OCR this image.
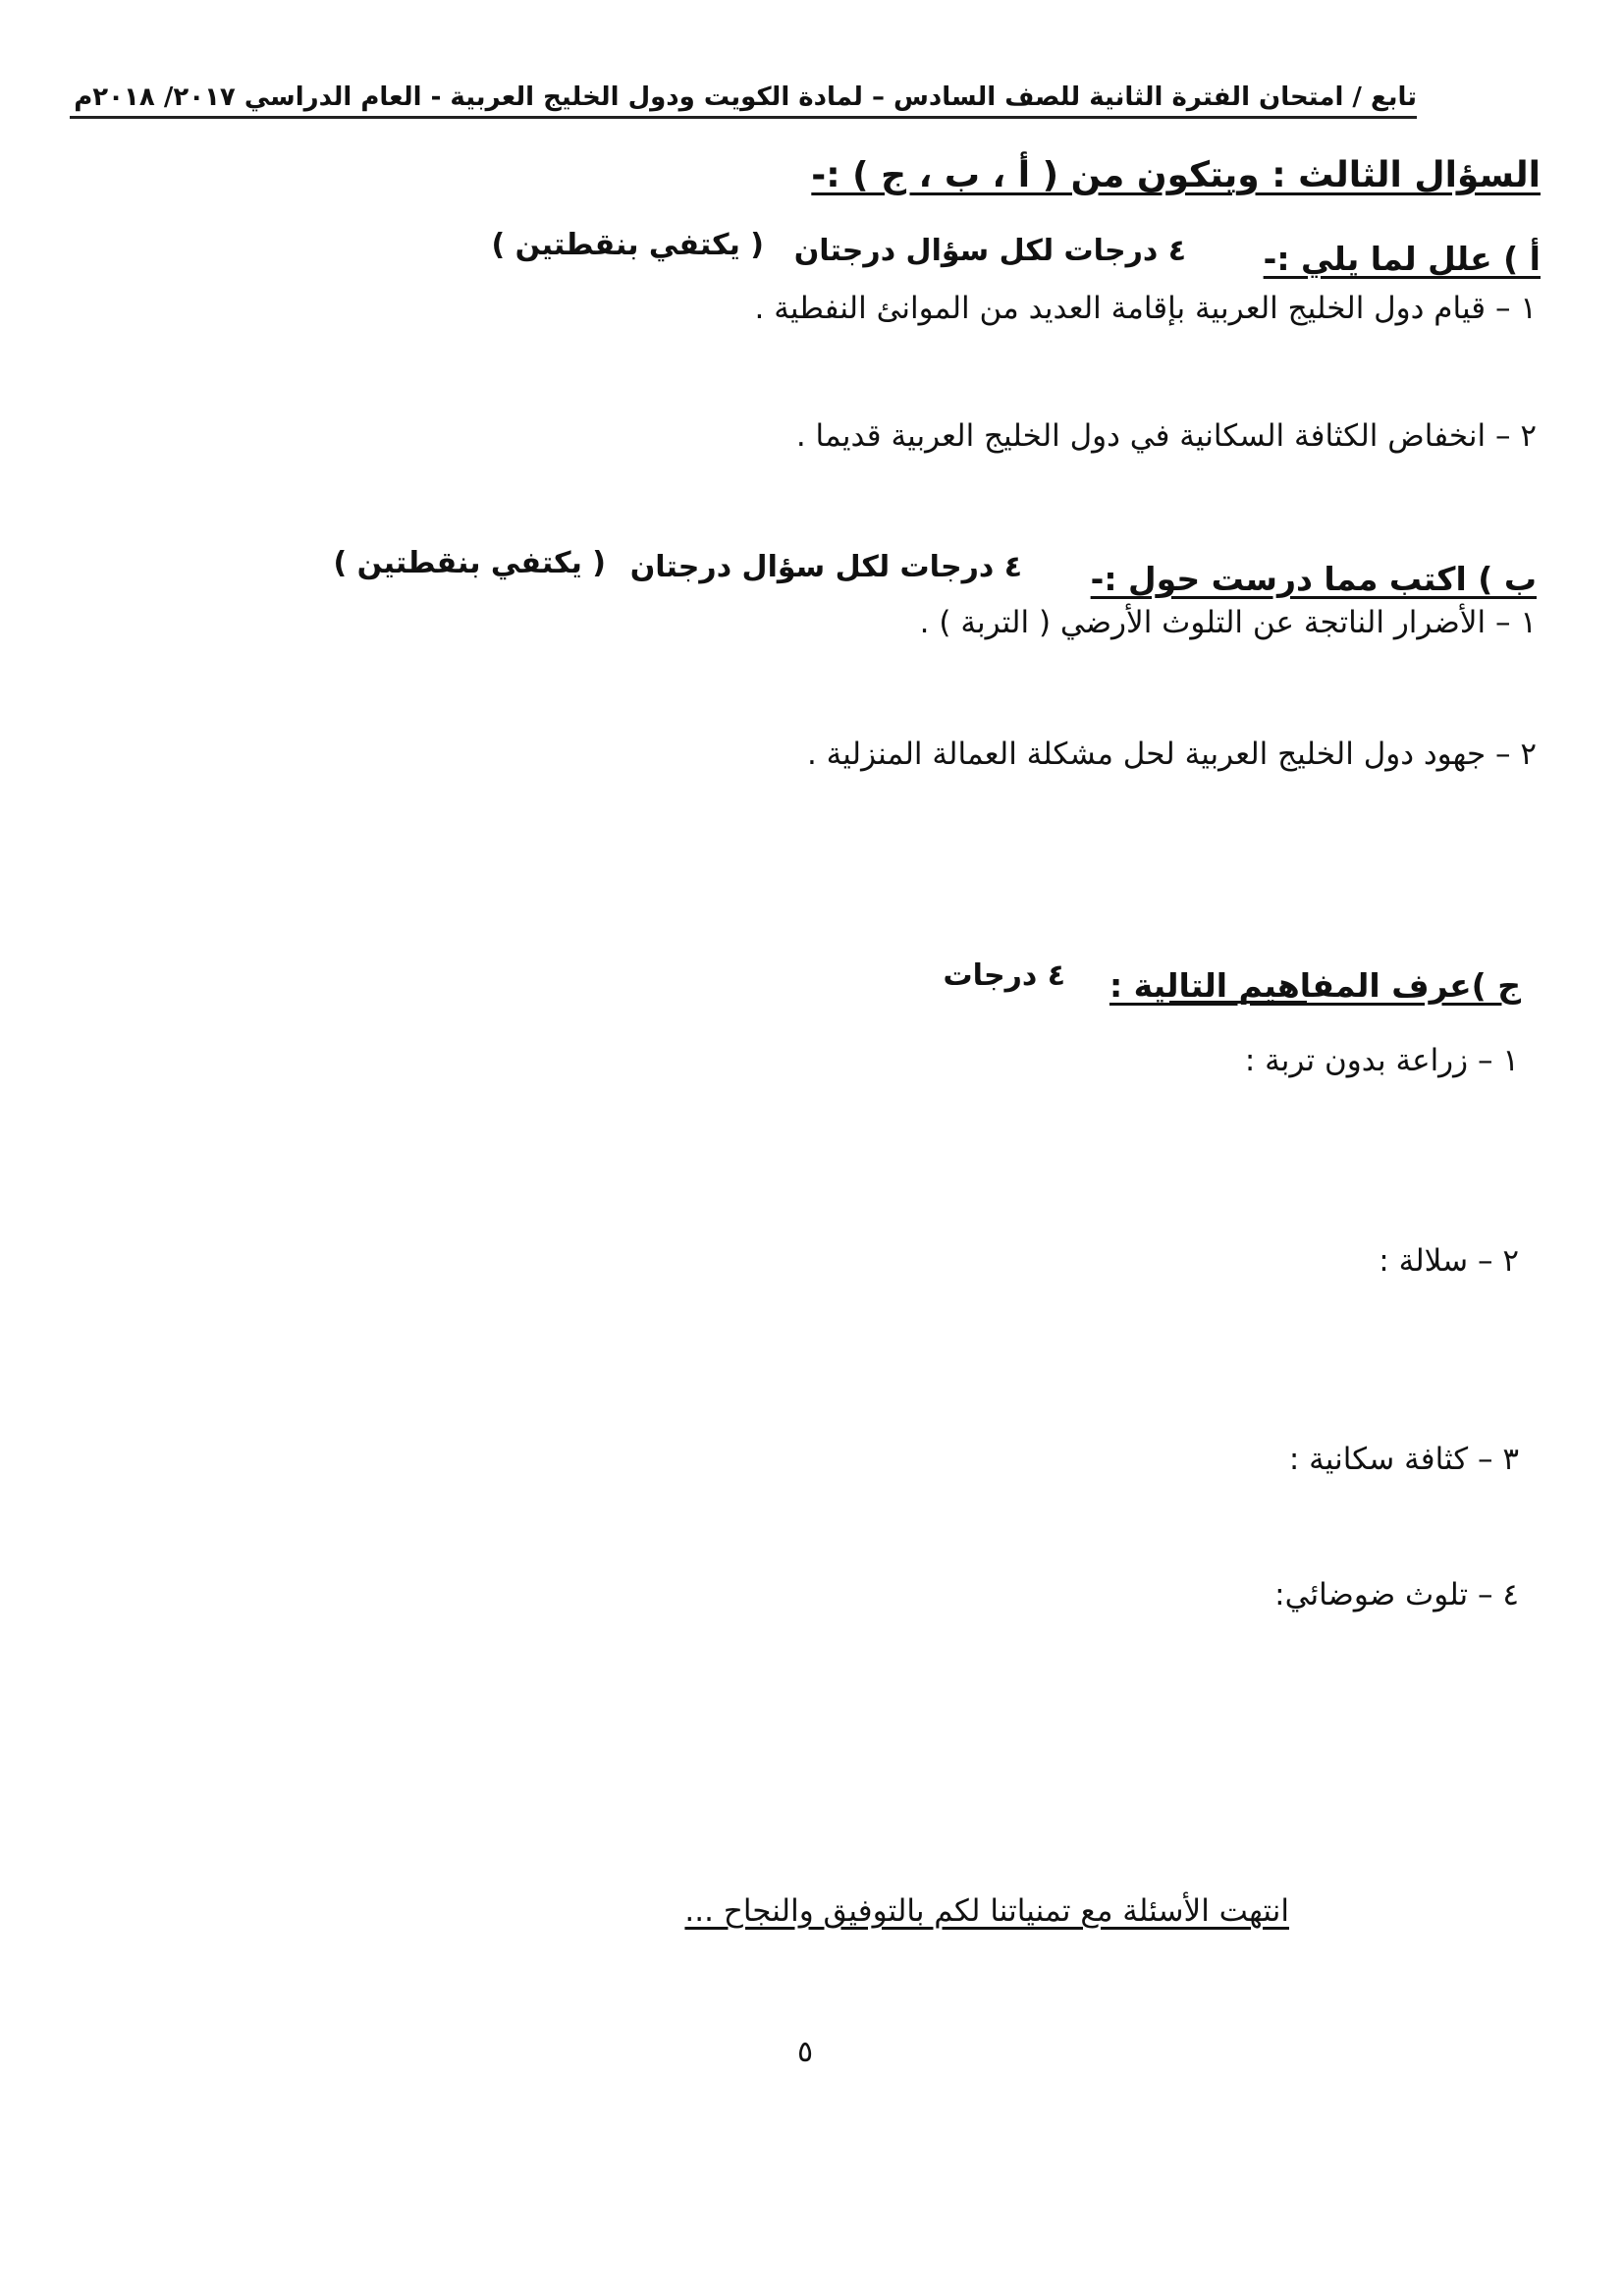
تابع / امتحان الفترة الثانية للصف السادس – لمادة الكويت ودول الخليج العربية - العام الدراسي ٢٠١٧/ ٢٠١٨م
السؤال الثالث : ويتكون من ( أ ، ب ، ج ) :-
أ ) علل لما يلي :-
٤ درجات لكل سؤال درجتان
( يكتفي بنقطتين )
١ – قيام دول الخليج العربية بإقامة العديد من الموانئ النفطية .
٢ – انخفاض الكثافة السكانية في دول الخليج العربية قديما .
ب ) اكتب مما درست حول :-
٤ درجات لكل سؤال درجتان
( يكتفي بنقطتين )
١ – الأضرار الناتجة عن التلوث الأرضي ( التربة ) .
٢ – جهود دول الخليج العربية لحل مشكلة العمالة المنزلية .
ج )عرف المفاهيم التالية :
٤ درجات
١ – زراعة بدون تربة :
٢ – سلالة :
٣ – كثافة سكانية :
٤ – تلوث ضوضائي:
انتهت الأسئلة مع تمنياتنا لكم بالتوفيق والنجاح ...
٥
